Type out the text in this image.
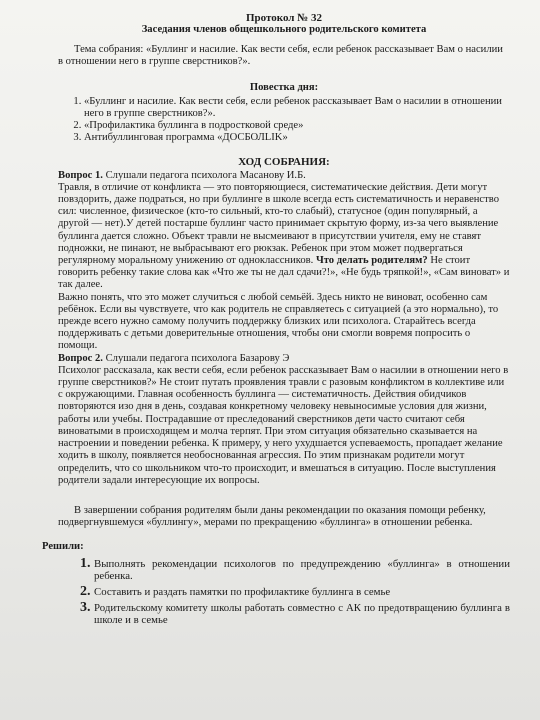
Протокол № 32
Заседания членов общешкольного родительского комитета

Тема собрания: «Буллинг и насилие. Как вести себя, если ребенок рассказывает Вам о насилии в отношении него в группе сверстников?».

Повестка дня:
1. «Буллинг и насилие. Как вести себя, если ребенок рассказывает Вам о насилии в отношении него в группе сверстников?».
2. «Профилактика буллинга в подростковой среде»
3. Антибуллинговая программа «ДОСБОЛLIK»
ХОД СОБРАНИЯ:

Вопрос 1. Слушали педагога психолога Масанову И.Б.

Травля, в отличие от конфликта — это повторяющиеся, систематические действия. Дети могут повздорить, даже подраться, но при буллинге в школе всегда есть систематичность и неравенство сил: численное, физическое (кто-то сильный, кто-то слабый), статусное (один популярный, а другой — нет).У детей постарше буллинг часто принимает скрытую форму, из-за чего выявление буллинга дается сложно. Объект травли не высмеивают в присутствии учителя, ему не ставят подножки, не пинают, не выбрасывают его рюкзак. Ребенок при этом может подвергаться регулярному моральному унижению от одноклассников. Что делать родителям? Не стоит говорить ребенку такие слова как «Что же ты не дал сдачи?!», «Не будь тряпкой!», «Сам виноват» и так далее.

Важно понять, что это может случиться с любой семьёй. Здесь никто не виноват, особенно сам ребёнок. Если вы чувствуете, что как родитель не справляетесь с ситуацией (а это нормально), то прежде всего нужно самому получить поддержку близких или психолога. Старайтесь всегда поддерживать с детьми доверительные отношения, чтобы они смогли вовремя попросить о помощи.

Вопрос 2. Слушали педагога психолога Базарову Э

Психолог рассказала, как вести себя, если ребенок рассказывает Вам о насилии в отношении него в группе сверстников?» Не стоит путать проявления травли с разовым конфликтом в коллективе или с окружающими. Главная особенность буллинга — систематичность. Действия обидчиков повторяются изо дня в день, создавая конкретному человеку невыносимые условия для жизни, работы или учебы. Пострадавшие от преследований сверстников дети часто считают себя виноватыми в происходящем и молча терпят. При этом ситуация обязательно сказывается на настроении и поведении ребенка. К примеру, у него ухудшается успеваемость, пропадает желание ходить в школу, появляется необоснованная агрессия. По этим признакам родители могут определить, что со школьником что-то происходит, и вмешаться в ситуацию. После выступления родители задали интересующие их вопросы.

В завершении собрания родителям были даны рекомендации по оказания помощи ребенку, подвергнувшемуся «буллингу», мерами по прекращению «буллинга» в отношении ребенка.

Решили:
1. Выполнять рекомендации психологов по предупреждению «буллинга» в отношении ребенка.
2. Составить и раздать памятки по профилактике буллинга в семье
3. Родительскому комитету школы работать совместно с АК по предотвращению буллинга в школе и в семье
